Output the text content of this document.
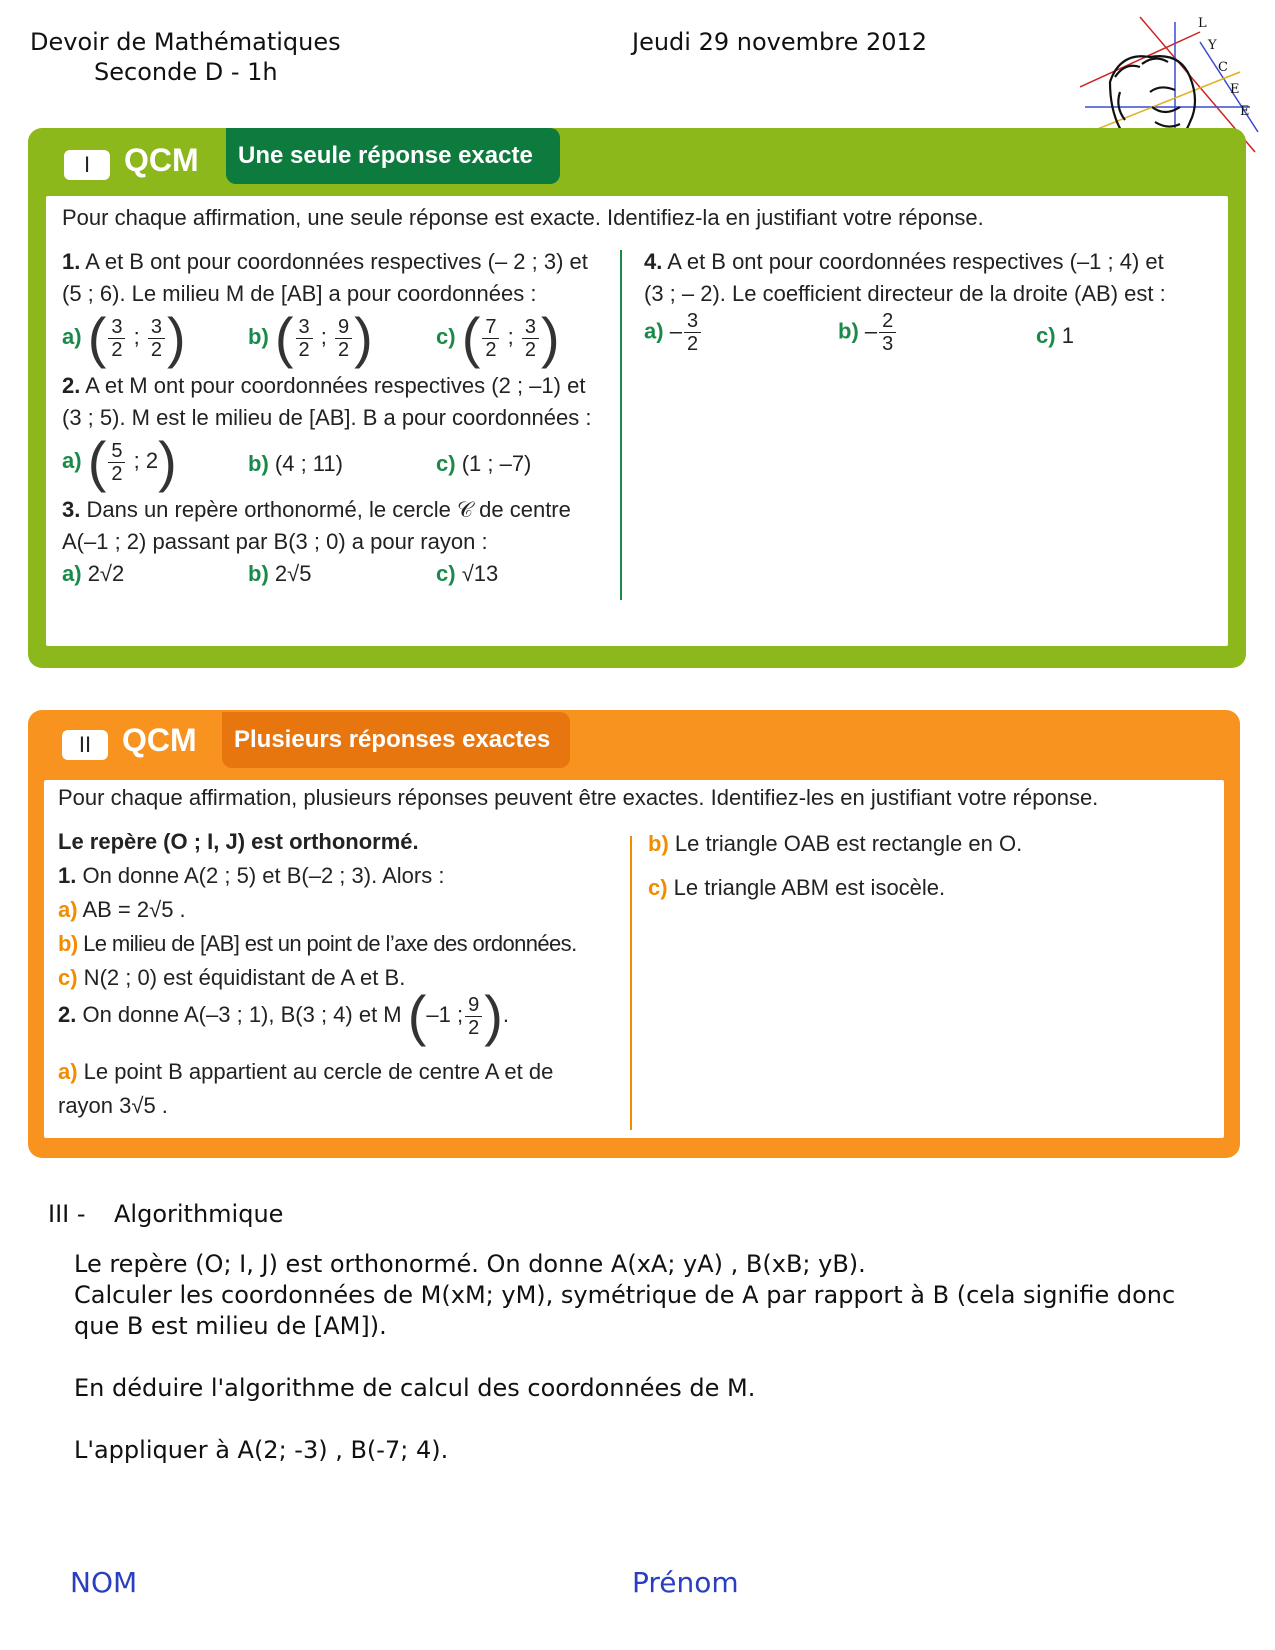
Devoir de Mathématiques
Seconde D - 1h
Jeudi 29 novembre 2012
L
Y
C
E
E
I	QCM	Une seule réponse exacte
Pour chaque affirmation, une seule réponse est exacte. Identifiez-la en justifiant votre réponse.
1. A et B ont pour coordonnées respectives (– 2 ; 3) et
(5 ; 6). Le milieu M de [AB] a pour coordonnées :
a) ( $\frac{3}{2}$ ; $\frac{3}{2}$ )	b) ( $\frac{3}{2}$ ; $\frac{9}{2}$ )	c) ( $\frac{7}{2}$ ; $\frac{3}{2}$ )
2. A et M ont pour coordonnées respectives (2 ; –1) et
(3 ; 5). M est le milieu de [AB]. B a pour coordonnées :
a) ( $\frac{5}{2}$ ; 2)	b) (4 ; 11)	c) (1 ; –7)
3. Dans un repère orthonormé, le cercle 𝒞 de centre
A(–1 ; 2) passant par B(3 ; 0) a pour rayon :
a) 2√2	b) 2√5	c) √13
4. A et B ont pour coordonnées respectives (–1 ; 4) et
(3 ; – 2). Le coefficient directeur de la droite (AB) est :
$a) - \frac{3}{2}$	$b) - \frac{2}{3}$	c) 1
II QCM	Plusieurs réponses exactes
Pour chaque affirmation, plusieurs réponses peuvent être exactes. Identifiez-les en justifiant votre réponse.
Le repère (O ; I, J) est orthonormé.
1. On donne A(2 ; 5) et B(–2 ; 3). Alors :
a) AB = 2√5 .
b) Le milieu de [AB] est un point de l’axe des ordonnées.
c) N(2 ; 0) est équidistant de A et B.
2. On donne A(–3 ; 1), B(3 ; 4) et M (–1 ; $\frac{9}{2}$ ).
a) Le point B appartient au cercle de centre A et de
rayon 3√5 .
b) Le triangle OAB est rectangle en O.
c) Le triangle ABM est isocèle.
III - Algorithmique
Le repère (O; I, J) est orthonormé. On donne A(xA; yA) , B(xB; yB).
Calculer les coordonnées de M(xM; yM), symétrique de A par rapport à B (cela signifie donc
que B est milieu de [AM]).
En déduire l'algorithme de calcul des coordonnées de M.
L'appliquer à A(2; -3) , B(-7; 4).
NOM	Prénom
